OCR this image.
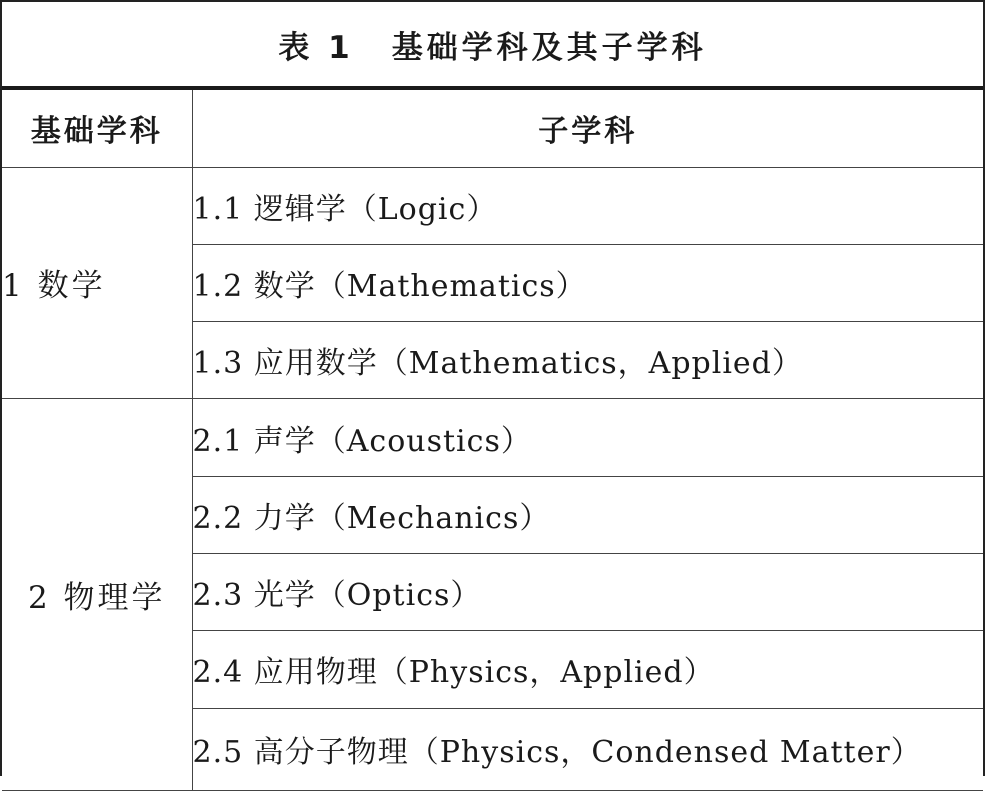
表 1 基础学科及其子学科
基础学科	子学科
1 数学	1.1 逻辑学（Logic）
	1.2 数学（Mathematics）
	1.3 应用数学（Mathematics，Applied）
2 物理学	2.1 声学（Acoustics）
	2.2 力学（Mechanics）
	2.3 光学（Optics）
	2.4 应用物理（Physics，Applied）
	2.5 高分子物理（Physics，Condensed Matter）
